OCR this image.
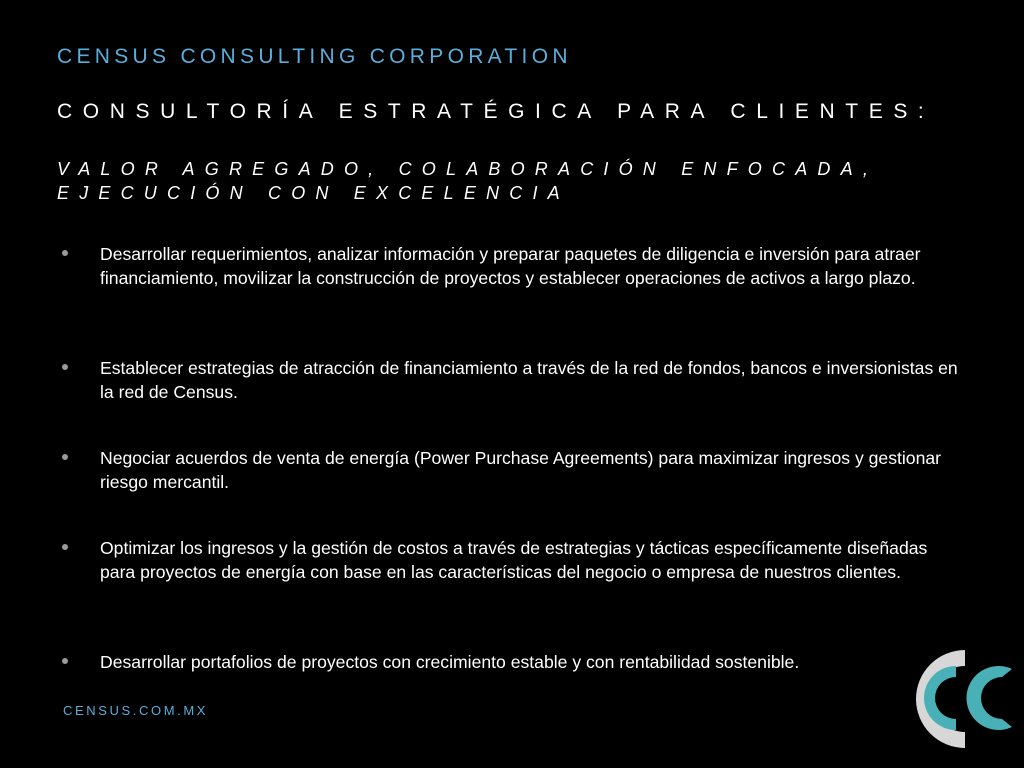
CENSUS CONSULTING CORPORATION
CONSULTORÍA ESTRATÉGICA PARA CLIENTES:
VALOR AGREGADO, COLABORACIÓN ENFOCADA,
EJECUCIÓN CON EXCELENCIA
Desarrollar requerimientos, analizar información y preparar paquetes de diligencia e inversión para atraer financiamiento, movilizar la construcción de proyectos y establecer operaciones de activos a largo plazo.
Establecer estrategias de atracción de financiamiento a través de la red de fondos, bancos e inversionistas en la red de Census.
Negociar acuerdos de venta de energía (Power Purchase Agreements) para maximizar ingresos y gestionar riesgo mercantil.
Optimizar los ingresos y la gestión de costos a través de estrategias y tácticas específicamente diseñadas para proyectos de energía con base en las características del negocio o empresa de nuestros clientes.
Desarrollar portafolios de proyectos con crecimiento estable y con rentabilidad sostenible.
CENSUS.COM.MX
